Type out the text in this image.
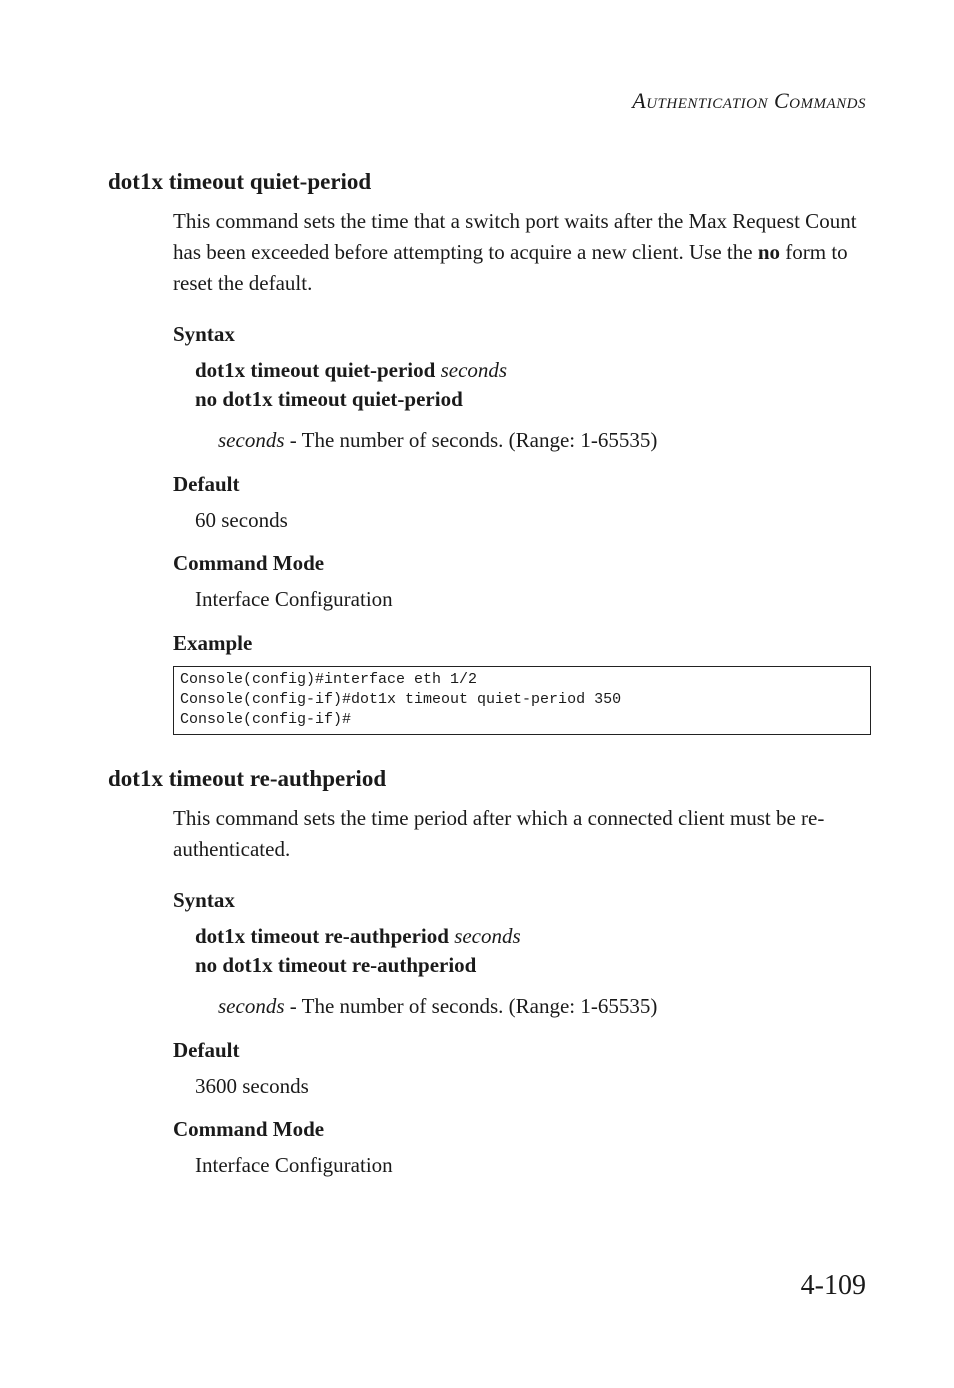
Authentication Commands
dot1x timeout quiet-period
This command sets the time that a switch port waits after the Max Request Count has been exceeded before attempting to acquire a new client. Use the no form to reset the default.
Syntax
dot1x timeout quiet-period seconds
no dot1x timeout quiet-period
seconds - The number of seconds. (Range: 1-65535)
Default
60 seconds
Command Mode
Interface Configuration
Example
Console(config)#interface eth 1/2
Console(config-if)#dot1x timeout quiet-period 350
Console(config-if)#
dot1x timeout re-authperiod
This command sets the time period after which a connected client must be re-authenticated.
Syntax
dot1x timeout re-authperiod seconds
no dot1x timeout re-authperiod
seconds - The number of seconds. (Range: 1-65535)
Default
3600 seconds
Command Mode
Interface Configuration
4-109
